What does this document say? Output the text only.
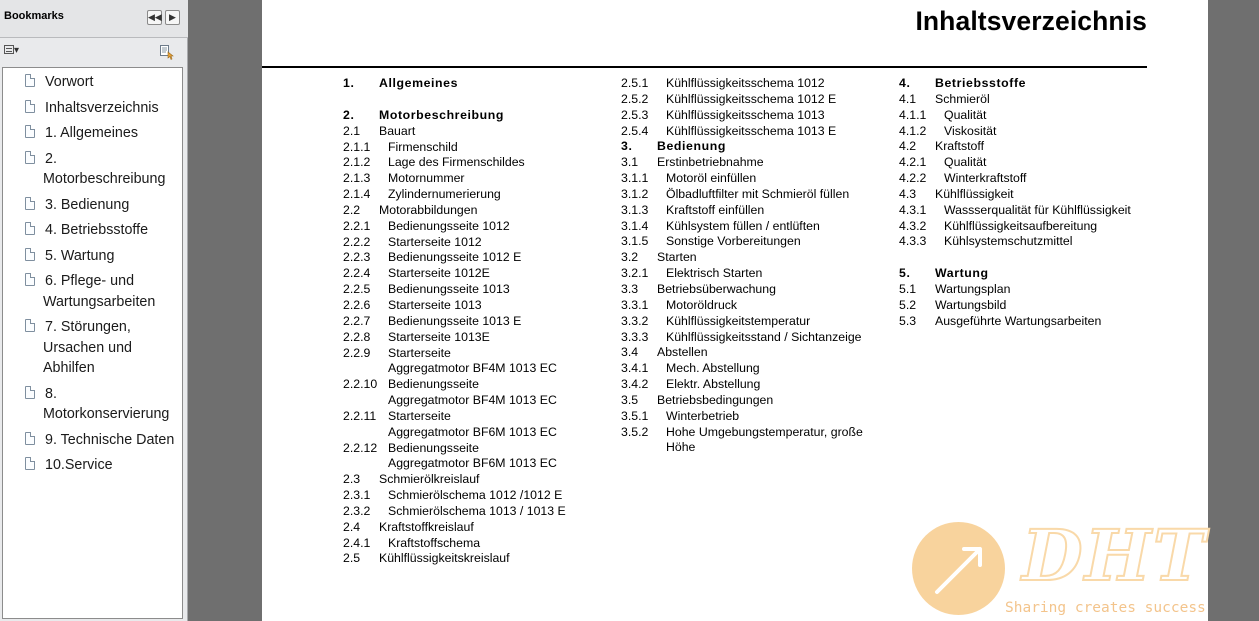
Bookmarks	◀◀ ▶
▾
Vorwort
Inhaltsverzeichnis
1. Allgemeines
2.
Motorbeschreibung
3. Bedienung
4. Betriebsstoffe
5. Wartung
6. Pflege- und
Wartungsarbeiten
7. Störungen,
Ursachen und
Abhilfen
8.
Motorkonservierung
9. Technische Daten
10.Service
Inhaltsverzeichnis
1. Allgemeines
2. Motorbeschreibung
2.1 Bauart
2.1.1 Firmenschild
2.1.2 Lage des Firmenschildes
2.1.3 Motornummer
2.1.4 Zylindernumerierung
2.2 Motorabbildungen
2.2.1 Bedienungsseite 1012
2.2.2 Starterseite 1012
2.2.3 Bedienungsseite 1012 E
2.2.4 Starterseite 1012E
2.2.5 Bedienungsseite 1013
2.2.6 Starterseite 1013
2.2.7 Bedienungsseite 1013 E
2.2.8 Starterseite 1013E
2.2.9 Starterseite
Aggregatmotor BF4M 1013 EC
2.2.10 Bedienungsseite
Aggregatmotor BF4M 1013 EC
2.2.11 Starterseite
Aggregatmotor BF6M 1013 EC
2.2.12 Bedienungsseite
Aggregatmotor BF6M 1013 EC
2.3 Schmierölkreislauf
2.3.1 Schmierölschema 1012 /1012 E
2.3.2 Schmierölschema 1013 / 1013 E
2.4 Kraftstoffkreislauf
2.4.1 Kraftstoffschema
2.5 Kühlflüssigkeitskreislauf
2.5.1 Kühlflüssigkeitsschema 1012
2.5.2 Kühlflüssigkeitsschema 1012 E
2.5.3 Kühlflüssigkeitsschema 1013
2.5.4 Kühlflüssigkeitsschema 1013 E
3. Bedienung
3.1 Erstinbetriebnahme
3.1.1 Motoröl einfüllen
3.1.2 Ölbadluftfilter mit Schmieröl füllen
3.1.3 Kraftstoff einfüllen
3.1.4 Kühlsystem füllen / entlüften
3.1.5 Sonstige Vorbereitungen
3.2 Starten
3.2.1 Elektrisch Starten
3.3 Betriebsüberwachung
3.3.1 Motoröldruck
3.3.2 Kühlflüssigkeitstemperatur
3.3.3 Kühlflüssigkeitsstand / Sichtanzeige
3.4 Abstellen
3.4.1 Mech. Abstellung
3.4.2 Elektr. Abstellung
3.5 Betriebsbedingungen
3.5.1 Winterbetrieb
3.5.2 Hohe Umgebungstemperatur, große
Höhe
4. Betriebsstoffe
4.1 Schmieröl
4.1.1 Qualität
4.1.2 Viskosität
4.2 Kraftstoff
4.2.1 Qualität
4.2.2 Winterkraftstoff
4.3 Kühlflüssigkeit
4.3.1 Wassserqualität für Kühlflüssigkeit
4.3.2 Kühlflüssigkeitsaufbereitung
4.3.3 Kühlsystemschutzmittel
5. Wartung
5.1 Wartungsplan
5.2 Wartungsbild
5.3 Ausgeführte Wartungsarbeiten
DHT
Sharing creates success
